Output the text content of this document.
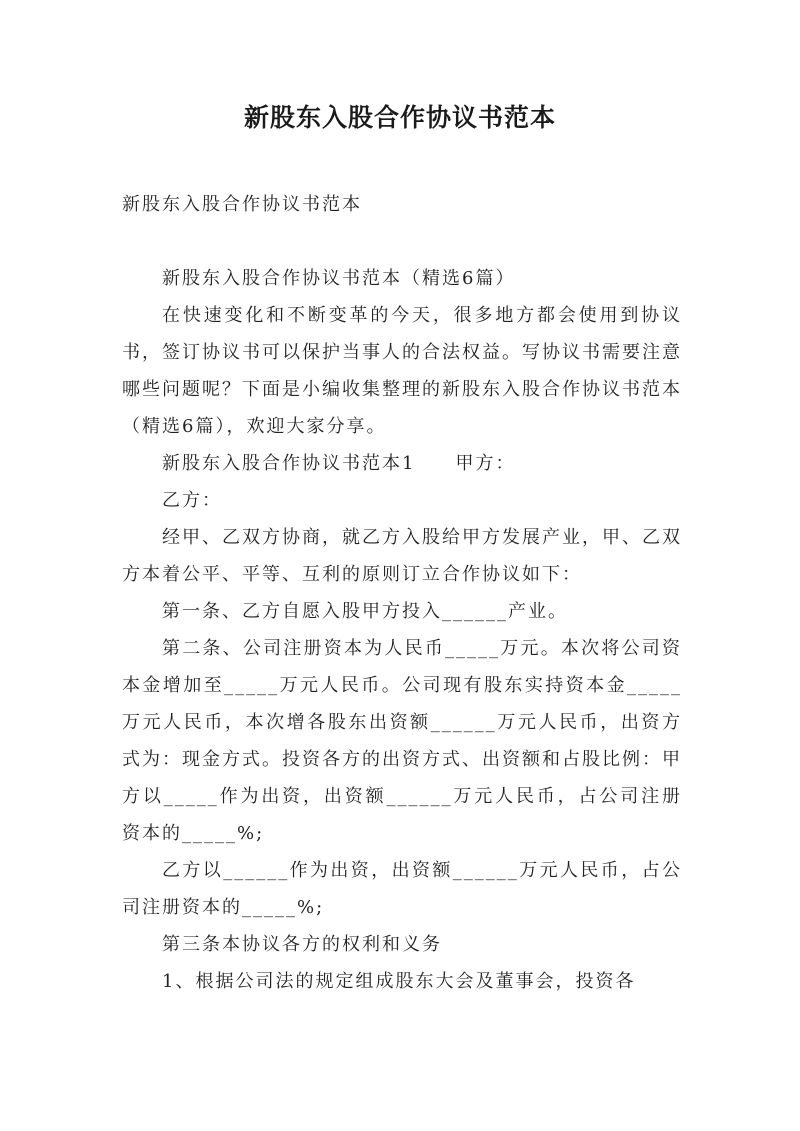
新股东入股合作协议书范本

新股东入股合作协议书范本

新股东入股合作协议书范本（精选6篇）

在快速变化和不断变革的今天，很多地方都会使用到协议书，签订协议书可以保护当事人的合法权益。写协议书需要注意哪些问题呢？下面是小编收集整理的新股东入股合作协议书范本（精选6篇），欢迎大家分享。

新股东入股合作协议书范本1　　甲方：

乙方：

经甲、乙双方协商，就乙方入股给甲方发展产业，甲、乙双方本着公平、平等、互利的原则订立合作协议如下：

第一条、乙方自愿入股甲方投入______产业。

第二条、公司注册资本为人民币_____万元。本次将公司资本金增加至_____万元人民币。公司现有股东实持资本金_____万元人民币，本次增各股东出资额______万元人民币，出资方式为：现金方式。投资各方的出资方式、出资额和占股比例：甲方以_____作为出资，出资额______万元人民币，占公司注册资本的_____%;

乙方以______作为出资，出资额______万元人民币，占公司注册资本的_____%;

第三条本协议各方的权利和义务

1、根据公司法的规定组成股东大会及董事会，投资各
